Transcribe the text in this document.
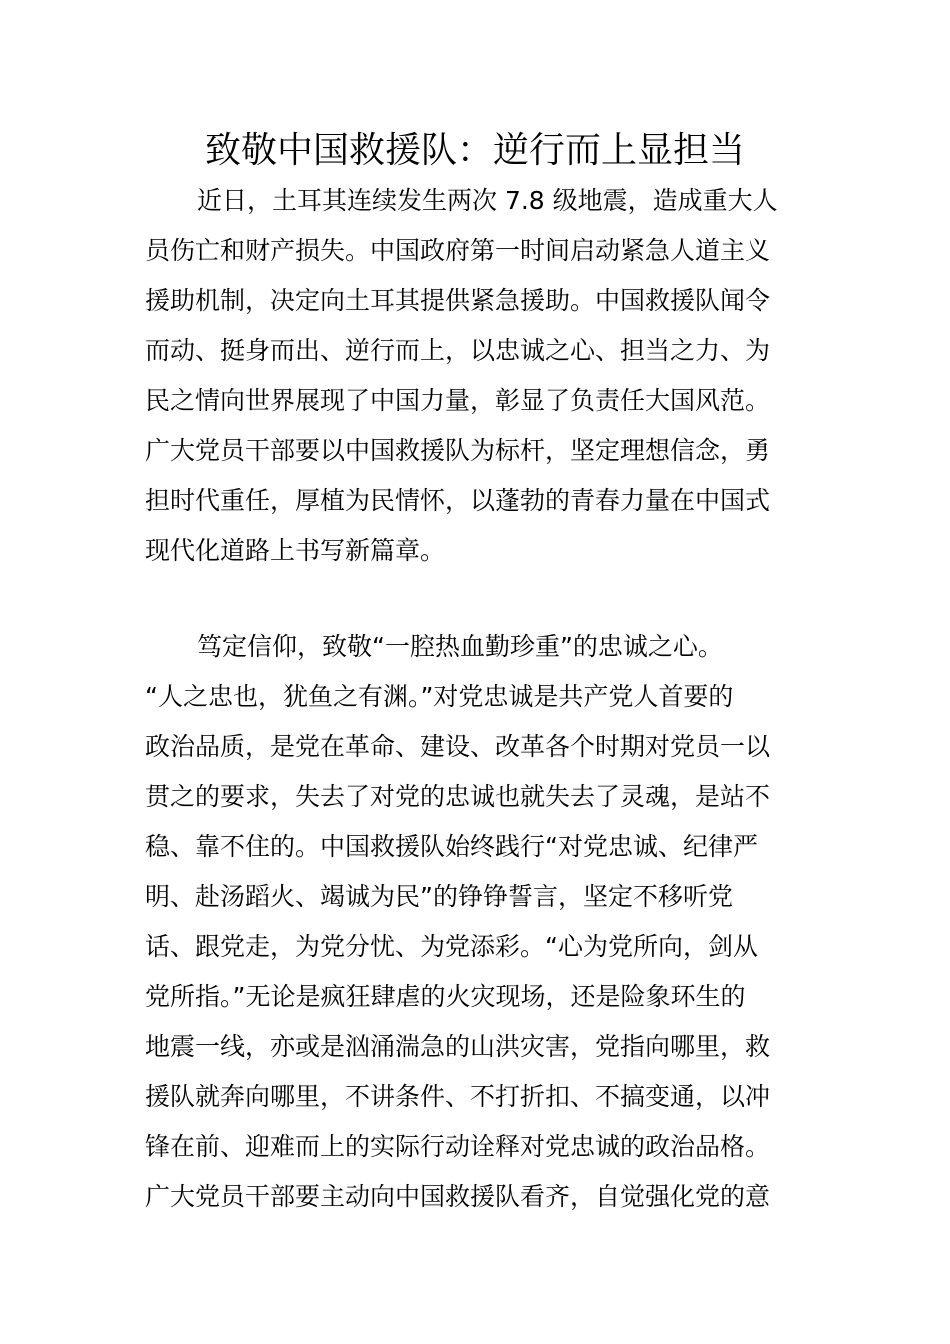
致敬中国救援队：逆行而上显担当
近日，土耳其连续发生两次 7.8 级地震，造成重大人
员伤亡和财产损失。中国政府第一时间启动紧急人道主义
援助机制，决定向土耳其提供紧急援助。中国救援队闻令
而动、挺身而出、逆行而上，以忠诚之心、担当之力、为
民之情向世界展现了中国力量，彰显了负责任大国风范。
广大党员干部要以中国救援队为标杆，坚定理想信念，勇
担时代重任，厚植为民情怀，以蓬勃的青春力量在中国式
现代化道路上书写新篇章。
笃定信仰，致敬“一腔热血勤珍重”的忠诚之心。
“人之忠也，犹鱼之有渊。”对党忠诚是共产党人首要的
政治品质，是党在革命、建设、改革各个时期对党员一以
贯之的要求，失去了对党的忠诚也就失去了灵魂，是站不
稳、靠不住的。中国救援队始终践行“对党忠诚、纪律严
明、赴汤蹈火、竭诚为民”的铮铮誓言，坚定不移听党
话、跟党走，为党分忧、为党添彩。“心为党所向，剑从
党所指。”无论是疯狂肆虐的火灾现场，还是险象环生的
地震一线，亦或是汹涌湍急的山洪灾害，党指向哪里，救
援队就奔向哪里，不讲条件、不打折扣、不搞变通，以冲
锋在前、迎难而上的实际行动诠释对党忠诚的政治品格。
广大党员干部要主动向中国救援队看齐，自觉强化党的意
